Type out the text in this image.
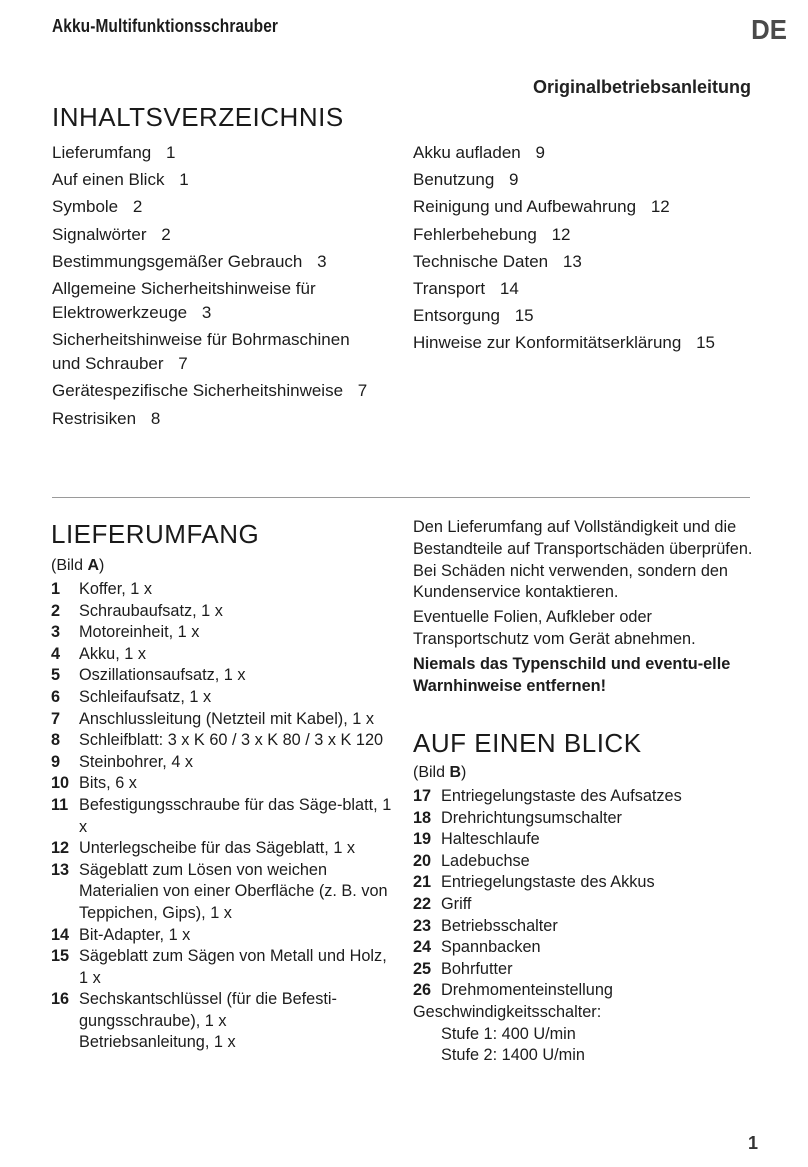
Akku-Multifunktionsschrauber	DE
Originalbetriebsanleitung
INHALTSVERZEICHNIS
Lieferumfang 1
Auf einen Blick 1
Symbole 2
Signalwörter 2
Bestimmungsgemäßer Gebrauch 3
Allgemeine Sicherheitshinweise für Elektrowerkzeuge 3
Sicherheitshinweise für Bohrmaschinen und Schrauber 7
Gerätespezifische Sicherheitshinweise 7
Restrisiken 8
Akku aufladen 9
Benutzung 9
Reinigung und Aufbewahrung 12
Fehlerbehebung 12
Technische Daten 13
Transport 14
Entsorgung 15
Hinweise zur Konformitätserklärung 15
LIEFERUMFANG
(Bild A)
1	Koffer, 1 x
2	Schraubaufsatz, 1 x
3	Motoreinheit, 1 x
4	Akku, 1 x
5	Oszillationsaufsatz, 1 x
6	Schleifaufsatz, 1 x
7	Anschlussleitung (Netzteil mit Kabel), 1 x
8	Schleifblatt: 3 x K 60 / 3 x K 80 / 3 x K 120
9	Steinbohrer, 4 x
10 Bits, 6 x
11 Befestigungsschraube für das Säge-blatt, 1 x
12 Unterlegscheibe für das Sägeblatt, 1 x
13 Sägeblatt zum Lösen von weichen Materialien von einer Oberfläche (z. B. von Teppichen, Gips), 1 x
14 Bit-Adapter, 1 x
15 Sägeblatt zum Sägen von Metall und Holz, 1 x
16 Sechskantschlüssel (für die Befesti-gungsschraube), 1 x
Betriebsanleitung, 1 x
Den Lieferumfang auf Vollständigkeit und die Bestandteile auf Transportschäden überprüfen. Bei Schäden nicht verwenden, sondern den Kundenservice kontaktieren.
Eventuelle Folien, Aufkleber oder Transportschutz vom Gerät abnehmen.
Niemals das Typenschild und eventu-elle Warnhinweise entfernen!
AUF EINEN BLICK
(Bild B)
17 Entriegelungstaste des Aufsatzes
18 Drehrichtungsumschalter
19 Halteschlaufe
20 Ladebuchse
21 Entriegelungstaste des Akkus
22 Griff
23 Betriebsschalter
24 Spannbacken
25 Bohrfutter
26 Drehmomenteinstellung
Geschwindigkeitsschalter:
Stufe 1: 400 U/min
Stufe 2: 1400 U/min
1
